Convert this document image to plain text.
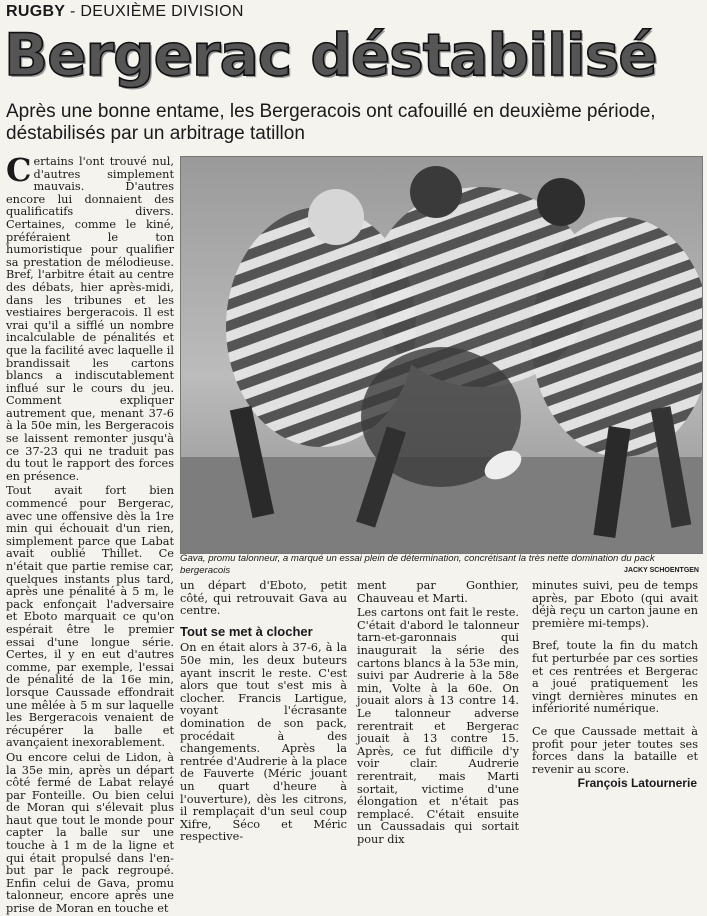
RUGBY - DEUXIÈME DIVISION
Bergerac déstabilisé
Après une bonne entame, les Bergeracois ont cafouillé en deuxième période, déstabilisés par un arbitrage tatillon

Certains l'ont trouvé nul, d'autres simplement mauvais. D'autres encore lui donnaient des qualificatifs divers. Certaines, comme le kiné, préféraient le ton humoristique pour qualifier sa prestation de mélodieuse. Bref, l'arbitre était au centre des débats, hier après-midi, dans les tribunes et les vestiaires bergeracois. Il est vrai qu'il a sifflé un nombre incalculable de pénalités et que la facilité avec laquelle il brandissait les cartons blancs a indiscutablement influé sur le cours du jeu. Comment expliquer autrement que, menant 37-6 à la 50e min, les Bergeracois se laissent remonter jusqu'à ce 37-23 qui ne traduit pas du tout le rapport des forces en présence.

Tout avait fort bien commencé pour Bergerac, avec une offensive dès la 1re min qui échouait d'un rien, simplement parce que Labat avait oublié Thillet. Ce n'était que partie remise car, quelques instants plus tard, après une pénalité à 5 m, le pack enfonçait l'adversaire et Eboto marquait ce qu'on espérait être le premier essai d'une longue série. Certes, il y en eut d'autres comme, par exemple, l'essai de pénalité de la 16e min, lorsque Caussade effondrait une mêlée à 5 m sur laquelle les Bergeracois venaient de récupérer la balle et avançaient inexorablement.

Ou encore celui de Lidon, à la 35e min, après un départ côté fermé de Labat relayé par Fonteille. Ou bien celui de Moran qui s'élevait plus haut que tout le monde pour capter la balle sur une touche à 1 m de la ligne et qui était propulsé dans l'en-but par le pack regroupé. Enfin celui de Gava, promu talonneur, encore après une prise de Moran en touche et

Gava, promu talonneur, a marqué un essai plein de détermination, concrétisant la très nette domination du pack bergeracois	JACKY SCHOENTGEN

un départ d'Eboto, petit côté, qui retrouvait Gava au centre.

Tout se met à clocher

On en était alors à 37-6, à la 50e min, les deux buteurs ayant inscrit le reste. C'est alors que tout s'est mis à clocher. Francis Lartigue, voyant l'écrasante domination de son pack, procédait à des changements. Après la rentrée d'Audrerie à la place de Fauverte (Méric jouant un quart d'heure à l'ouverture), dès les citrons, il remplaçait d'un seul coup Xifre, Séco et Méric respective-

ment par Gonthier, Chauveau et Marti.

Les cartons ont fait le reste. C'était d'abord le talonneur tarn-et-garonnais qui inaugurait la série des cartons blancs à la 53e min, suivi par Audrerie à la 58e min, Volte à la 60e. On jouait alors à 13 contre 14. Le talonneur adverse rerentrait et Bergerac jouait à 13 contre 15. Après, ce fut difficile d'y voir clair. Audrerie rerentrait, mais Marti sortait, victime d'une élongation et n'était pas remplacé. C'était ensuite un Caussadais qui sortait pour dix

minutes suivi, peu de temps après, par Eboto (qui avait déjà reçu un carton jaune en première mi-temps).

Bref, toute la fin du match fut perturbée par ces sorties et ces rentrées et Bergerac a joué pratiquement les vingt dernières minutes en infériorité numérique.

Ce que Caussade mettait à profit pour jeter toutes ses forces dans la bataille et revenir au score.

François Latournerie
